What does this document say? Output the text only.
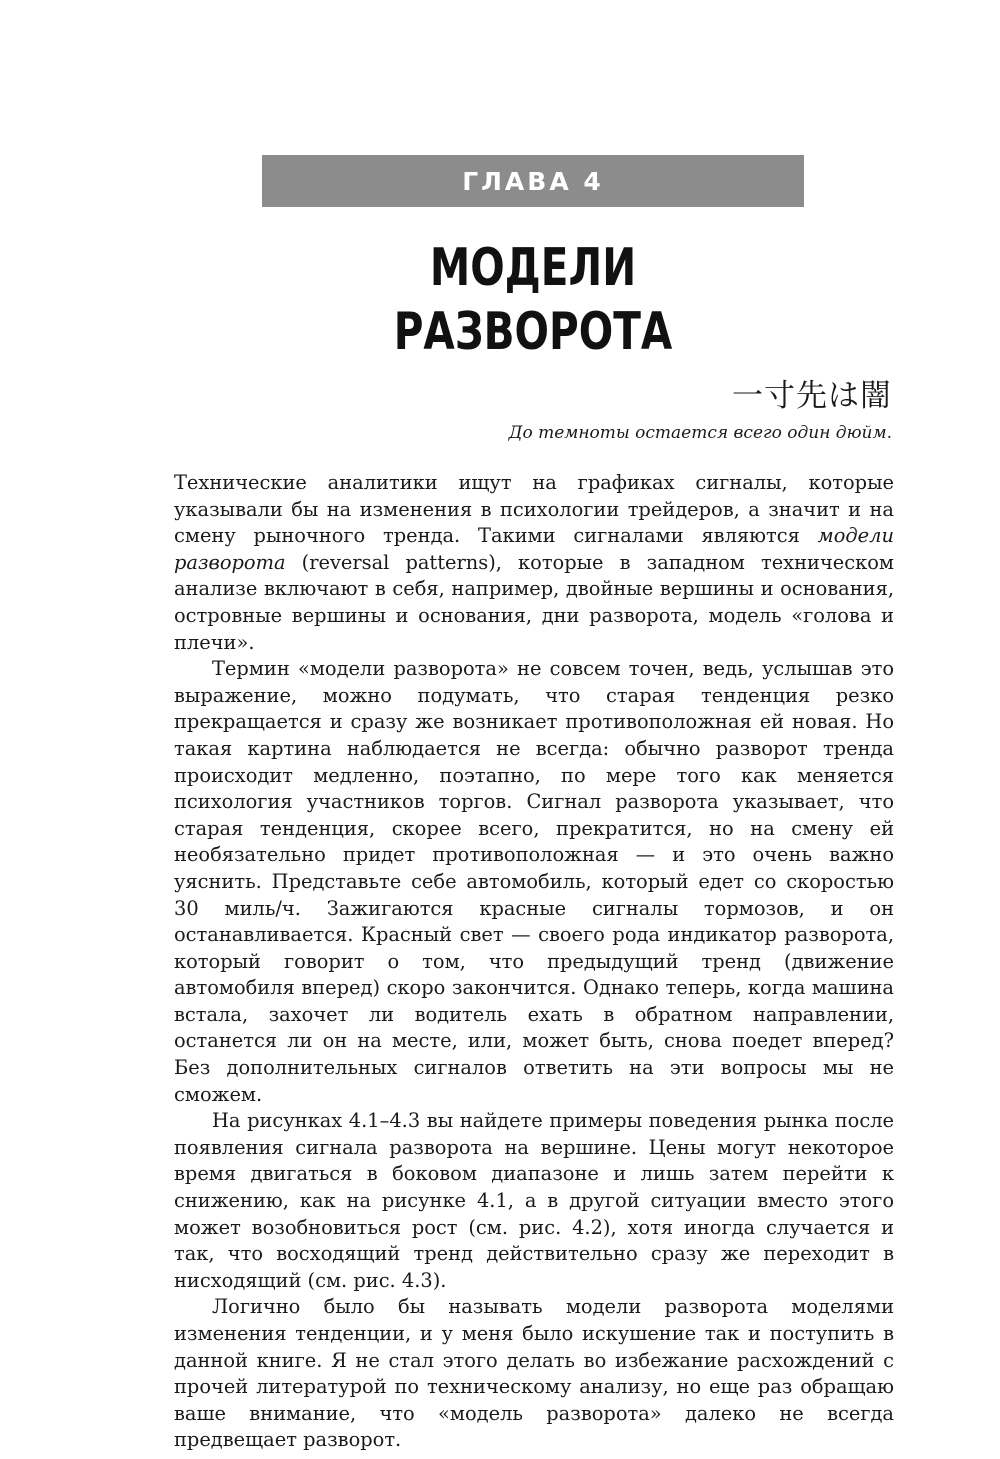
ГЛАВА 4
МОДЕЛИ РАЗВОРОТА
一寸先は闇
До темноты остается всего один дюйм.

Технические аналитики ищут на графиках сигналы, которые указывали бы на изменения в психологии трейдеров, а значит и на смену рыночного тренда. Такими сигналами являются модели разворота (reversal patterns), которые в западном техническом анализе включают в себя, например, двойные вершины и основания, островные вершины и основания, дни разворота, модель «голова и плечи».

Термин «модели разворота» не совсем точен, ведь, услышав это выражение, можно подумать, что старая тенденция резко прекращается и сразу же возникает противоположная ей новая. Но такая картина наблюдается не всегда: обычно разворот тренда происходит медленно, поэтапно, по мере того как меняется психология участников торгов. Сигнал разворота указывает, что старая тенденция, скорее всего, прекратится, но на смену ей необязательно придет противоположная — и это очень важно уяснить. Представьте себе автомобиль, который едет со скоростью 30 миль/ч. Зажигаются красные сигналы тормозов, и он останавливается. Красный свет — своего рода индикатор разворота, который говорит о том, что предыдущий тренд (движение автомобиля вперед) скоро закончится. Однако теперь, когда машина встала, захочет ли водитель ехать в обратном направлении, останется ли он на месте, или, может быть, снова поедет вперед? Без дополнительных сигналов ответить на эти вопросы мы не сможем.

На рисунках 4.1–4.3 вы найдете примеры поведения рынка после появления сигнала разворота на вершине. Цены могут некоторое время двигаться в боковом диапазоне и лишь затем перейти к снижению, как на рисунке 4.1, а в другой ситуации вместо этого может возобновиться рост (см. рис. 4.2), хотя иногда случается и так, что восходящий тренд действительно сразу же переходит в нисходящий (см. рис. 4.3).

Логично было бы называть модели разворота моделями изменения тенденции, и у меня было искушение так и поступить в данной книге. Я не стал этого делать во избежание расхождений с прочей литературой по техническому анализу, но еще раз обращаю ваше внимание, что «модель разворота» далеко не всегда предвещает разворот.
